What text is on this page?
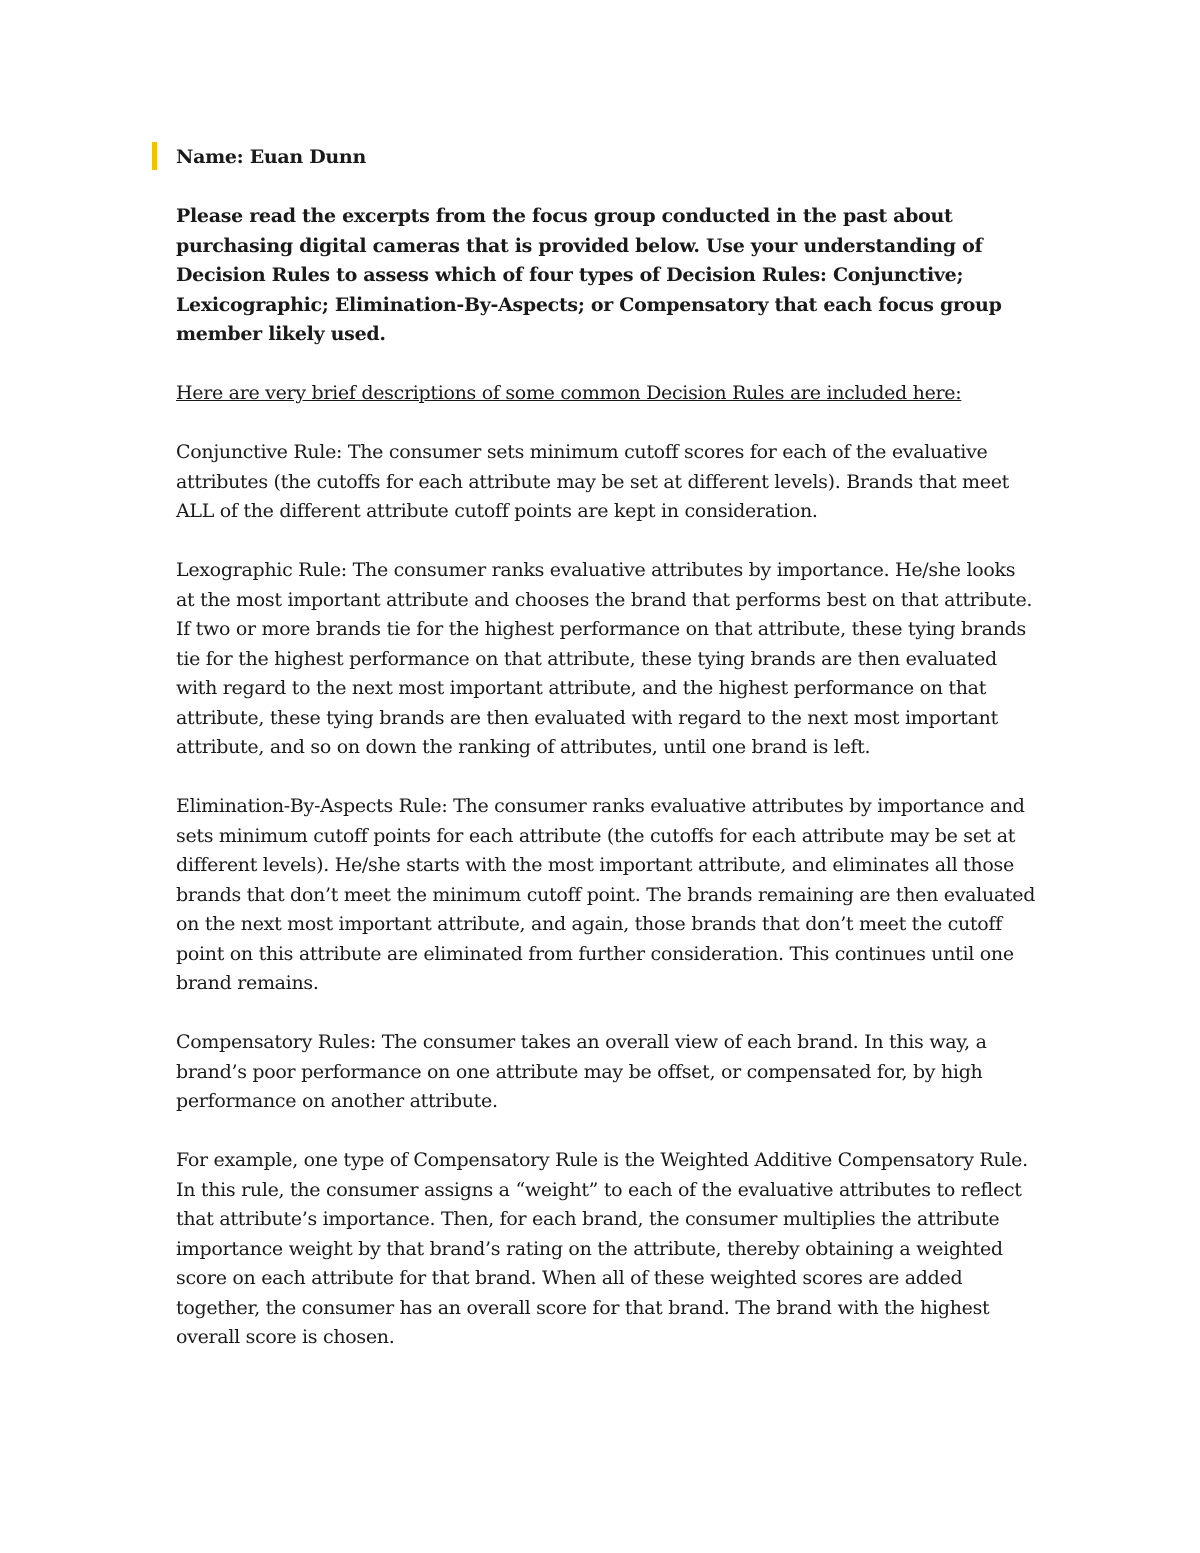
Name: Euan Dunn

Please read the excerpts from the focus group conducted in the past about purchasing digital cameras that is provided below. Use your understanding of Decision Rules to assess which of four types of Decision Rules: Conjunctive; Lexicographic; Elimination-By-Aspects; or Compensatory that each focus group member likely used.

Here are very brief descriptions of some common Decision Rules are included here:

Conjunctive Rule: The consumer sets minimum cutoff scores for each of the evaluative attributes (the cutoffs for each attribute may be set at different levels). Brands that meet ALL of the different attribute cutoff points are kept in consideration.

Lexographic Rule: The consumer ranks evaluative attributes by importance. He/she looks at the most important attribute and chooses the brand that performs best on that attribute. If two or more brands tie for the highest performance on that attribute, these tying brands tie for the highest performance on that attribute, these tying brands are then evaluated with regard to the next most important attribute, and the highest performance on that attribute, these tying brands are then evaluated with regard to the next most important attribute, and so on down the ranking of attributes, until one brand is left.

Elimination-By-Aspects Rule: The consumer ranks evaluative attributes by importance and sets minimum cutoff points for each attribute (the cutoffs for each attribute may be set at different levels). He/she starts with the most important attribute, and eliminates all those brands that don’t meet the minimum cutoff point. The brands remaining are then evaluated on the next most important attribute, and again, those brands that don’t meet the cutoff point on this attribute are eliminated from further consideration. This continues until one brand remains.

Compensatory Rules: The consumer takes an overall view of each brand. In this way, a brand’s poor performance on one attribute may be offset, or compensated for, by high performance on another attribute.

For example, one type of Compensatory Rule is the Weighted Additive Compensatory Rule. In this rule, the consumer assigns a “weight” to each of the evaluative attributes to reflect that attribute’s importance. Then, for each brand, the consumer multiplies the attribute importance weight by that brand’s rating on the attribute, thereby obtaining a weighted score on each attribute for that brand. When all of these weighted scores are added together, the consumer has an overall score for that brand. The brand with the highest overall score is chosen.
